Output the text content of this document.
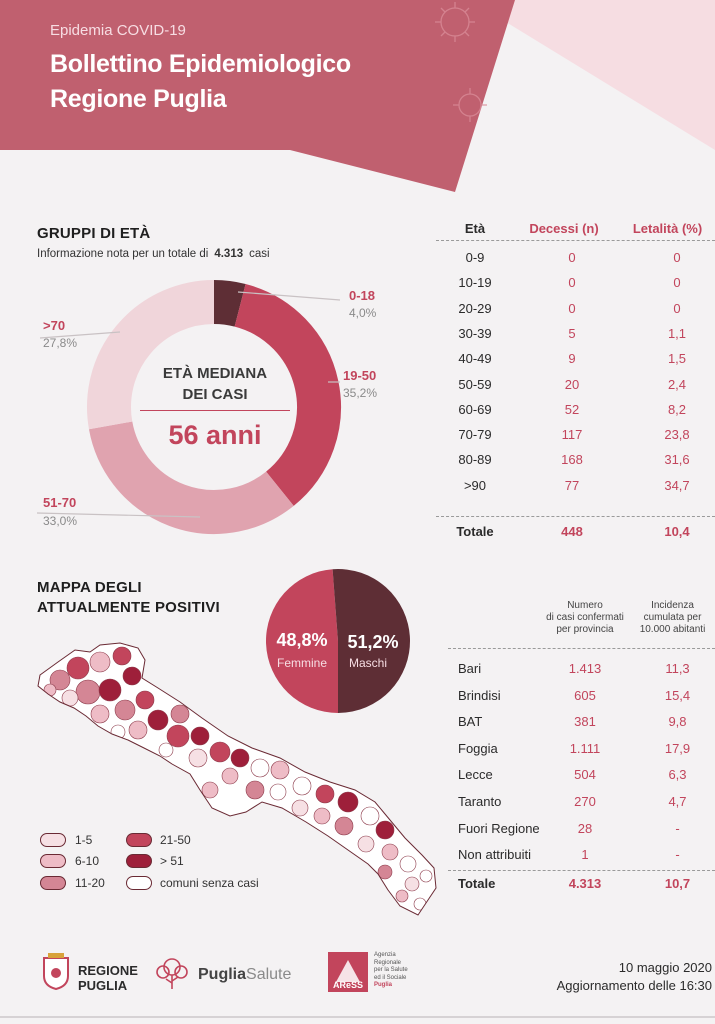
Epidemia COVID-19
Bollettino Epidemiologico
Regione Puglia
GRUPPI DI ETÀ
Informazione nota per un totale di 4.313 casi
0-18
4,0%
19-50
35,2%
51-70
33,0%
>70
27,8%
ETÀ MEDIANA
DEI CASI
56 anni
Età	Decessi (n)	Letalità (%)
0-9	0	0
10-19	0	0
20-29	0	0
30-39	5	1,1
40-49	9	1,5
50-59	20	2,4
60-69	52	8,2
70-79	117	23,8
80-89	168	31,6
>90	77	34,7
Totale	448	10,4
MAPPA DEGLI
ATTUALMENTE POSITIVI
48,8%
Femmine
51,2%
Maschi
1-5
6-10
11-20
21-50
> 51
comuni senza casi
Numero
di casi confermati
per provincia
Incidenza
cumulata per
10.000 abitanti
Bari	1.413	11,3
Brindisi	605	15,4
BAT	381	9,8
Foggia	1.111	17,9
Lecce	504	6,3
Taranto	270	4,7
Fuori Regione	28	-
Non attribuiti	1	-
Totale	4.313	10,7
REGIONE
PUGLIA
PugliaSalute
AReSS
Agenzia
Regionale
per la Salute
ed il Sociale
Puglia
10 maggio 2020
Aggiornamento delle 16:30
